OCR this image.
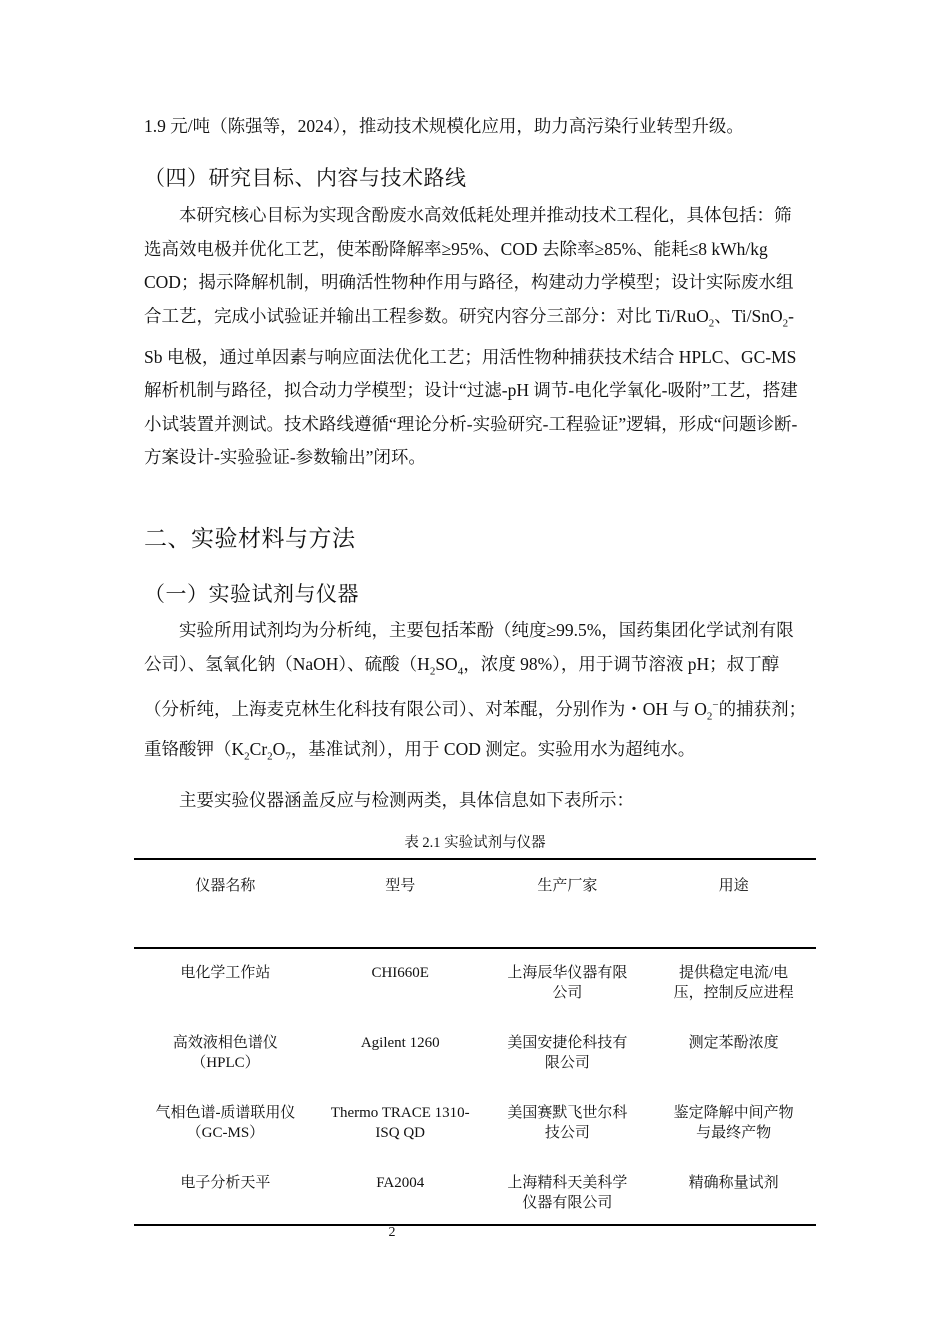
1.9 元/吨（陈强等，2024），推动技术规模化应用，助力高污染行业转型升级。

（四）研究目标、内容与技术路线

本研究核心目标为实现含酚废水高效低耗处理并推动技术工程化，具体包括：筛选高效电极并优化工艺，使苯酚降解率≥95%、COD 去除率≥85%、能耗≤8 kWh/kg COD；揭示降解机制，明确活性物种作用与路径，构建动力学模型；设计实际废水组合工艺，完成小试验证并输出工程参数。研究内容分三部分：对比 Ti/RuO$_2$、Ti/SnO$_2$-Sb 电极，通过单因素与响应面法优化工艺；用活性物种捕获技术结合 HPLC、GC-MS 解析机制与路径，拟合动力学模型；设计“过滤-pH 调节-电化学氧化-吸附”工艺，搭建小试装置并测试。技术路线遵循“理论分析-实验研究-工程验证”逻辑，形成“问题诊断-方案设计-实验验证-参数输出”闭环。

二、实验材料与方法
（一）实验试剂与仪器

实验所用试剂均为分析纯，主要包括苯酚（纯度≥99.5%，国药集团化学试剂有限公司）、氢氧化钠（NaOH）、硫酸（$H_2SO_4$，浓度 98%），用于调节溶液 pH；叔丁醇（分析纯，上海麦克林生化科技有限公司）、对苯醌，分别作为・OH 与 $O_2^-$的捕获剂；重铬酸钾（$K_2Cr_2O_7$，基准试剂），用于 COD 测定。实验用水为超纯水。

主要实验仪器涵盖反应与检测两类，具体信息如下表所示：

表 2.1 实验试剂与仪器
仪器名称	型号	生产厂家	用途
电化学工作站	CHI660E	上海辰华仪器有限公司	提供稳定电流/电压，控制反应进程
高效液相色谱仪（HPLC）	Agilent 1260	美国安捷伦科技有限公司	测定苯酚浓度
气相色谱-质谱联用仪（GC-MS）	Thermo TRACE 1310-ISQ QD	美国赛默飞世尔科技公司	鉴定降解中间产物与最终产物
电子分析天平	FA2004	上海精科天美科学仪器有限公司	精确称量试剂
2
